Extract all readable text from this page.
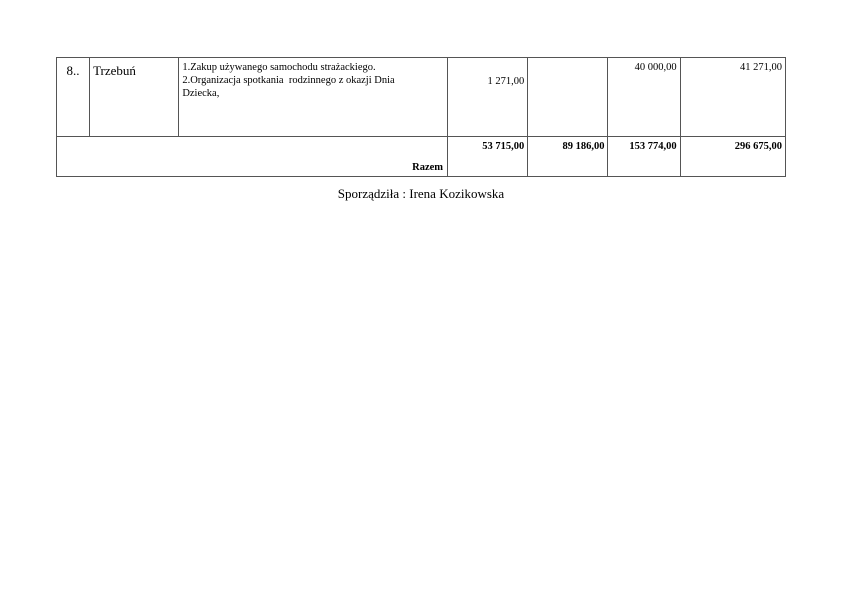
8..	Trzebuń	1.Zakup używanego samochodu strażackiego.
2.Organizacja spotkania  rodzinnego z okazji Dnia
Dziecka,	1 271,00		40 000,00	41 271,00
Razem			53 715,00	89 186,00	153 774,00	296 675,00
Sporządziła : Irena Kozikowska
